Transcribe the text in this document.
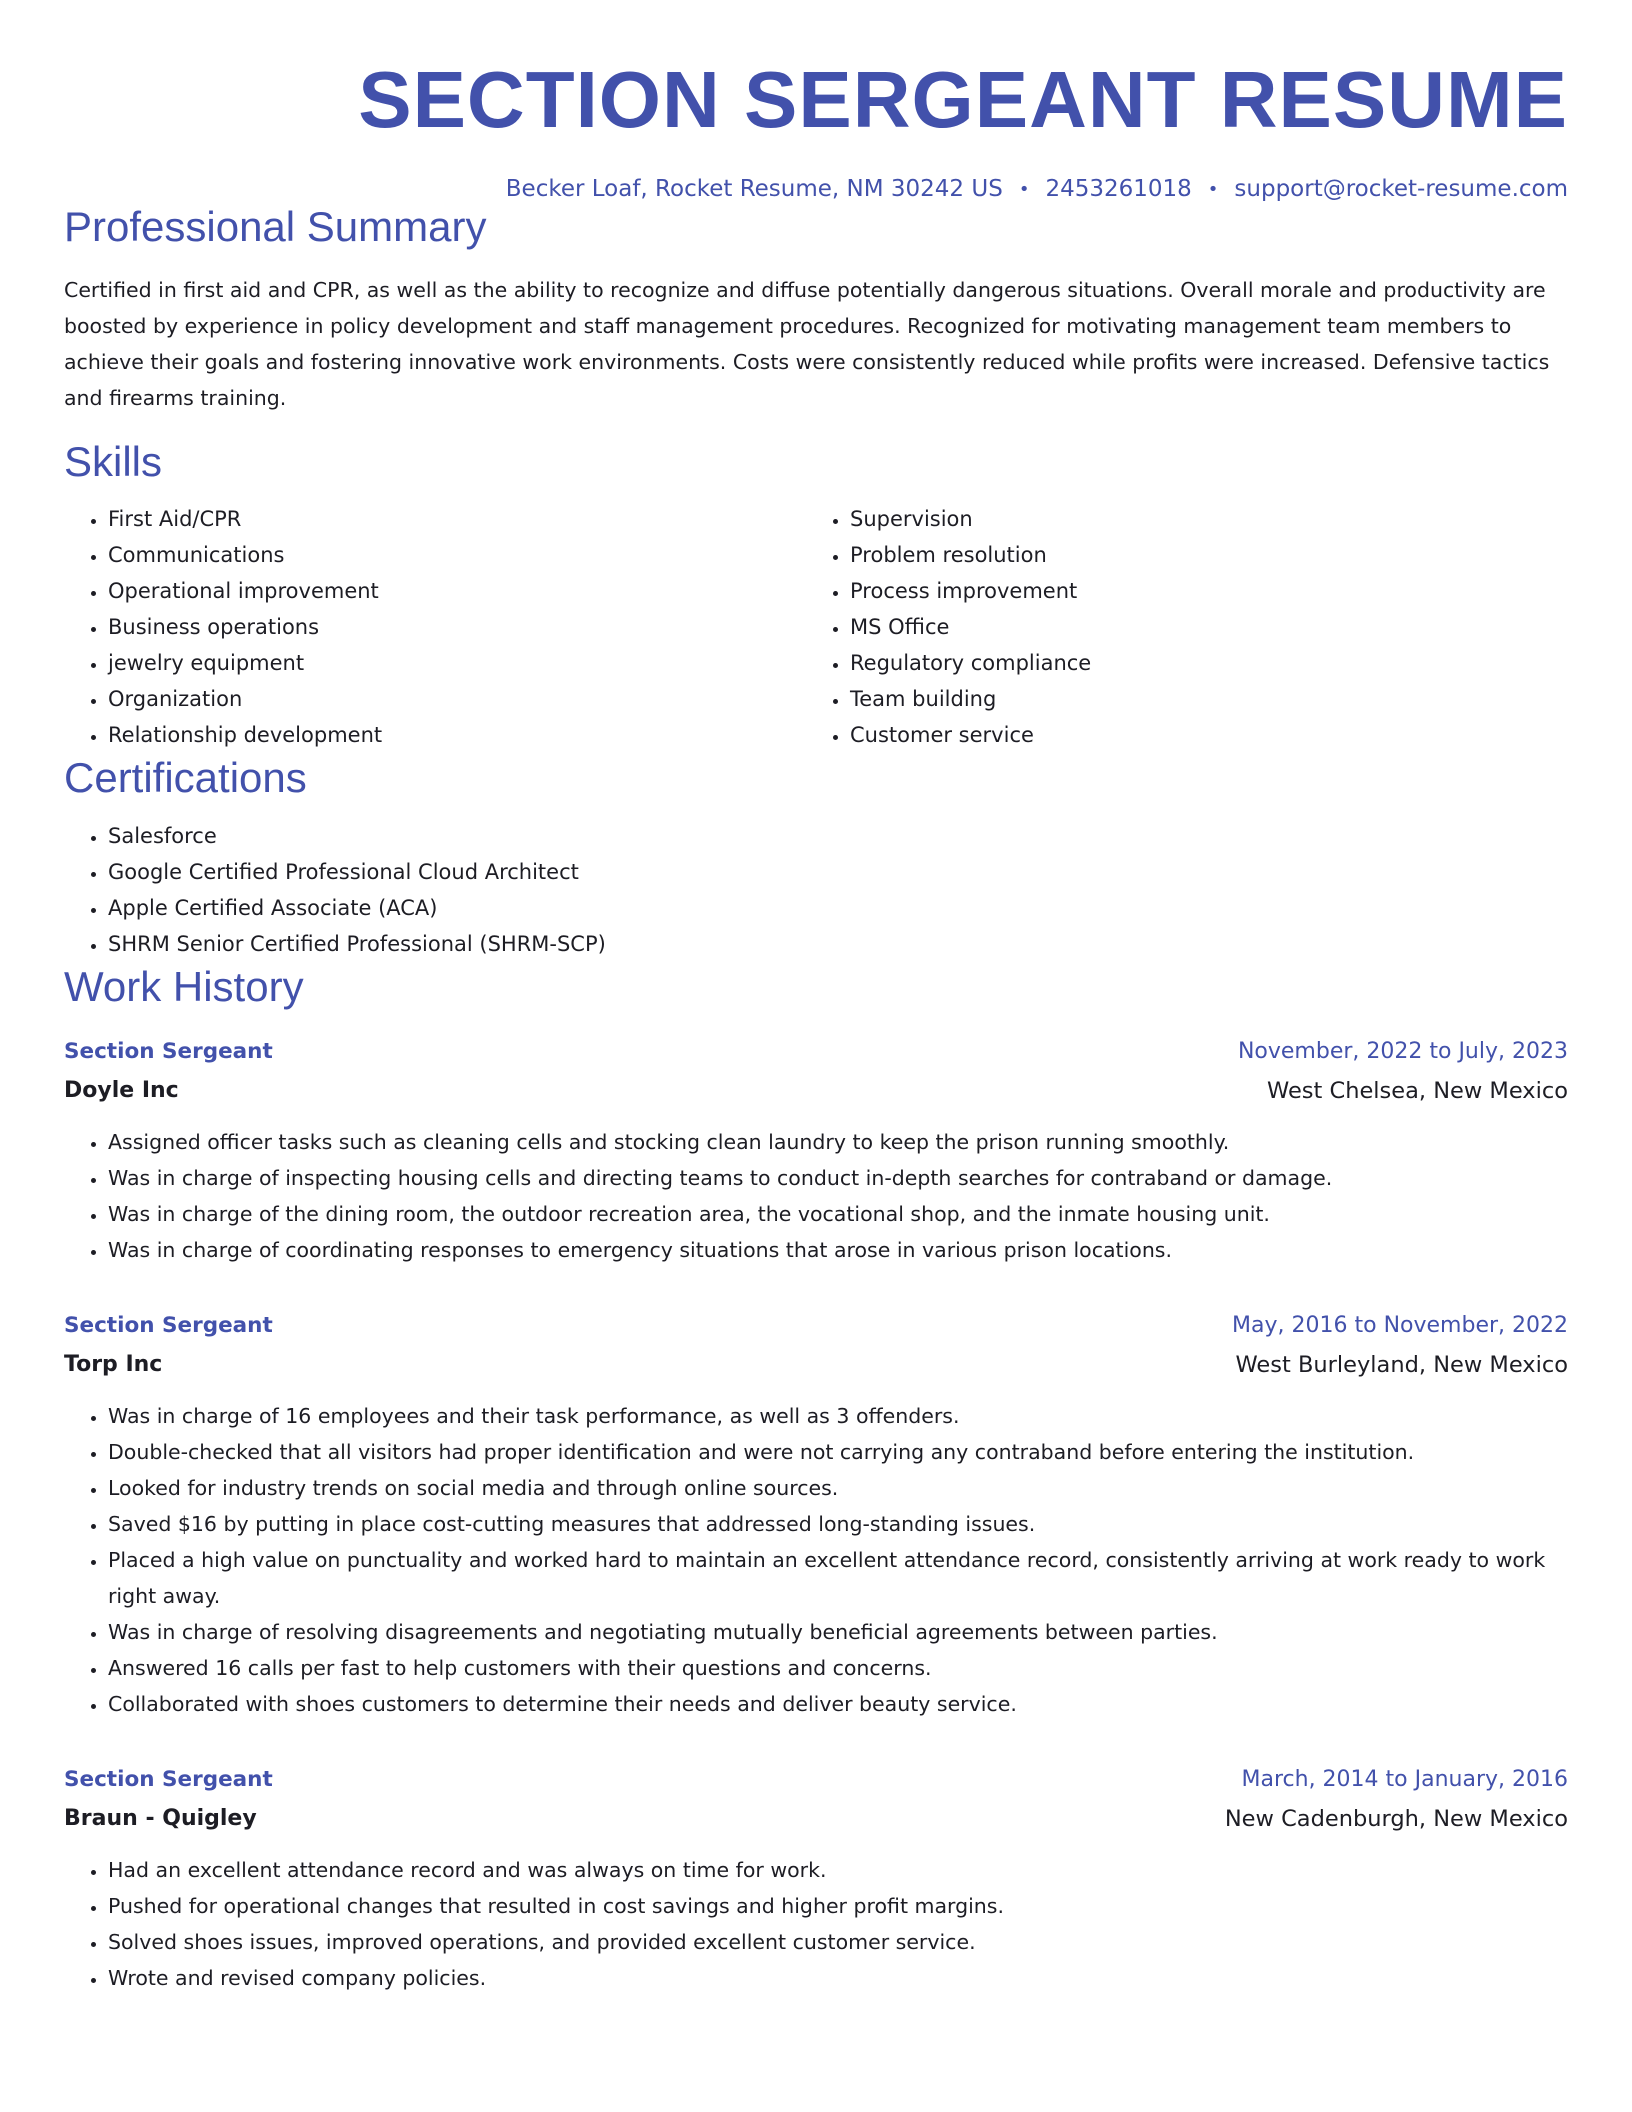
SECTION SERGEANT RESUME
Becker Loaf, Rocket Resume, NM 30242 US • 2453261018 • support@rocket-resume.com
Professional Summary

Certified in first aid and CPR, as well as the ability to recognize and diffuse potentially dangerous situations. Overall morale and productivity are boosted by experience in policy development and staff management procedures. Recognized for motivating management team members to achieve their goals and fostering innovative work environments. Costs were consistently reduced while profits were increased. Defensive tactics and firearms training.

Skills
• First Aid/CPR
• Communications
• Operational improvement
• Business operations
• jewelry equipment
• Organization
• Relationship development
• Supervision
• Problem resolution
• Process improvement
• MS Office
• Regulatory compliance
• Team building
• Customer service
Certifications
• Salesforce
• Google Certified Professional Cloud Architect
• Apple Certified Associate (ACA)
• SHRM Senior Certified Professional (SHRM-SCP)
Work History
Section Sergeant	November, 2022 to July, 2023
Doyle Inc	West Chelsea, New Mexico
• Assigned officer tasks such as cleaning cells and stocking clean laundry to keep the prison running smoothly.
• Was in charge of inspecting housing cells and directing teams to conduct in-depth searches for contraband or damage.
• Was in charge of the dining room, the outdoor recreation area, the vocational shop, and the inmate housing unit.
• Was in charge of coordinating responses to emergency situations that arose in various prison locations.
Section Sergeant	May, 2016 to November, 2022
Torp Inc	West Burleyland, New Mexico
• Was in charge of 16 employees and their task performance, as well as 3 offenders.
• Double-checked that all visitors had proper identification and were not carrying any contraband before entering the institution.
• Looked for industry trends on social media and through online sources.
• Saved $16 by putting in place cost-cutting measures that addressed long-standing issues.
• Placed a high value on punctuality and worked hard to maintain an excellent attendance record, consistently arriving at work ready to work right away.
• Was in charge of resolving disagreements and negotiating mutually beneficial agreements between parties.
• Answered 16 calls per fast to help customers with their questions and concerns.
• Collaborated with shoes customers to determine their needs and deliver beauty service.
Section Sergeant	March, 2014 to January, 2016
Braun - Quigley	New Cadenburgh, New Mexico
• Had an excellent attendance record and was always on time for work.
• Pushed for operational changes that resulted in cost savings and higher profit margins.
• Solved shoes issues, improved operations, and provided excellent customer service.
• Wrote and revised company policies.
